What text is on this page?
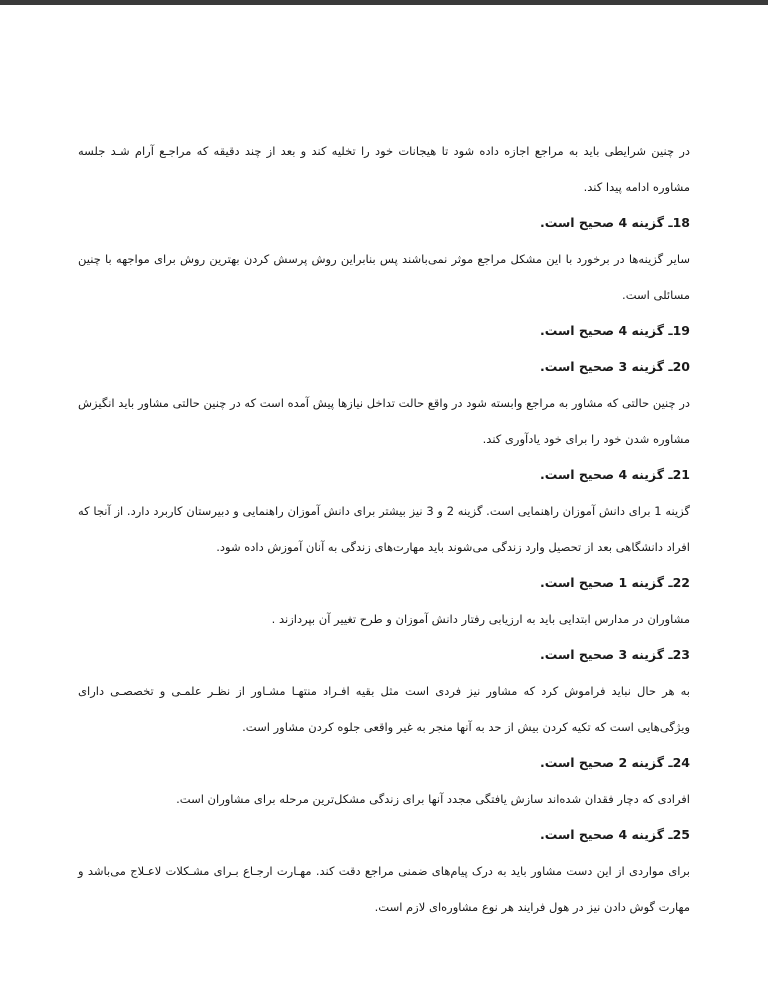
در چنین شرایطی باید به مراجع اجازه داده شود تا هیجانات خود را تخلیه کند و بعد از چند دقیقه که مراجـع آرام شـد جلسه مشاوره ادامه پیدا کند.

18ـ گزینه 4 صحیح است.

سایر گزینه‌ها در برخورد با این مشکل مراجع موثر نمی‌باشند پس بنابراین روش پرسش کردن بهترین روش برای مواجهه با چنین مسائلی است.

19ـ گزینه 4 صحیح است.

20ـ گزینه 3 صحیح است.

در چنین حالتی که مشاور به مراجع وابسته شود در واقع حالت تداخل نیازها پیش آمده است که در چنین حالتی مشاور باید انگیزش مشاوره شدن خود را برای خود یادآوری کند.

21ـ گزینه 4 صحیح است.

گزینه 1 برای دانش آموزان راهنمایی است. گزینه 2 و 3 نیز بیشتر برای دانش آموزان راهنمایی و دبیرستان کاربرد دارد. از آنجا که افراد دانشگاهی بعد از تحصیل وارد زندگی می‌شوند باید مهارت‌های زندگی به آنان آموزش داده شود.

22ـ گزینه 1 صحیح است.

مشاوران در مدارس ابتدایی باید به ارزیابی رفتار دانش آموزان و طرح تغییر آن بپردازند .

23ـ گزینه 3 صحیح است.

به هر حال نباید فراموش کرد که مشاور نیز فردی است مثل بقیه افـراد منتهـا مشـاور از نظـر علمـی و تخصصـی دارای ویژگی‌هایی است که تکیه کردن بیش از حد به آنها منجر به غیر واقعی جلوه کردن مشاور است.

24ـ گزینه 2 صحیح است.

افرادی که دچار فقدان شده‌اند سازش یافتگی مجدد آنها برای زندگی مشکل‌ترین مرحله برای مشاوران است.

25ـ گزینه 4 صحیح است.

برای مواردی از این دست مشاور باید به درک پیام‌های ضمنی مراجع دقت کند. مهـارت ارجـاع بـرای مشـکلات لاعـلاج می‌باشد و مهارت گوش دادن نیز در هول فرایند هر نوع مشاوره‌ای لازم است.
